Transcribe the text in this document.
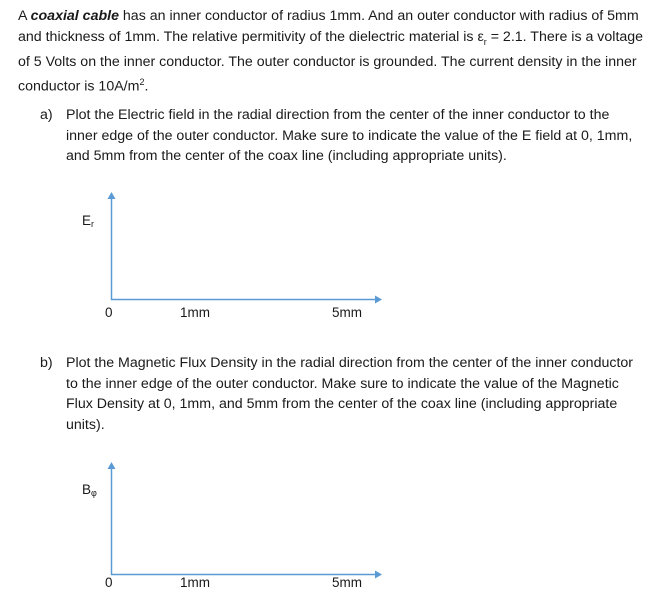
A coaxial cable has an inner conductor of radius 1mm. And an outer conductor with radius of 5mm and thickness of 1mm. The relative permitivity of the dielectric material is $\varepsilon_r = 2.1$. There is a voltage of 5 Volts on the inner conductor. The outer conductor is grounded. The current density in the inner conductor is $10A/m^2$.

a) Plot the Electric field in the radial direction from the center of the inner conductor to the inner edge of the outer conductor. Make sure to indicate the value of the E field at 0, 1mm, and 5mm from the center of the coax line (including appropriate units).
$E_r$
0	1mm	5mm
b) Plot the Magnetic Flux Density in the radial direction from the center of the inner conductor to the inner edge of the outer conductor. Make sure to indicate the value of the Magnetic Flux Density at 0, 1mm, and 5mm from the center of the coax line (including appropriate units).
$B_\varphi$
0	1mm	5mm
